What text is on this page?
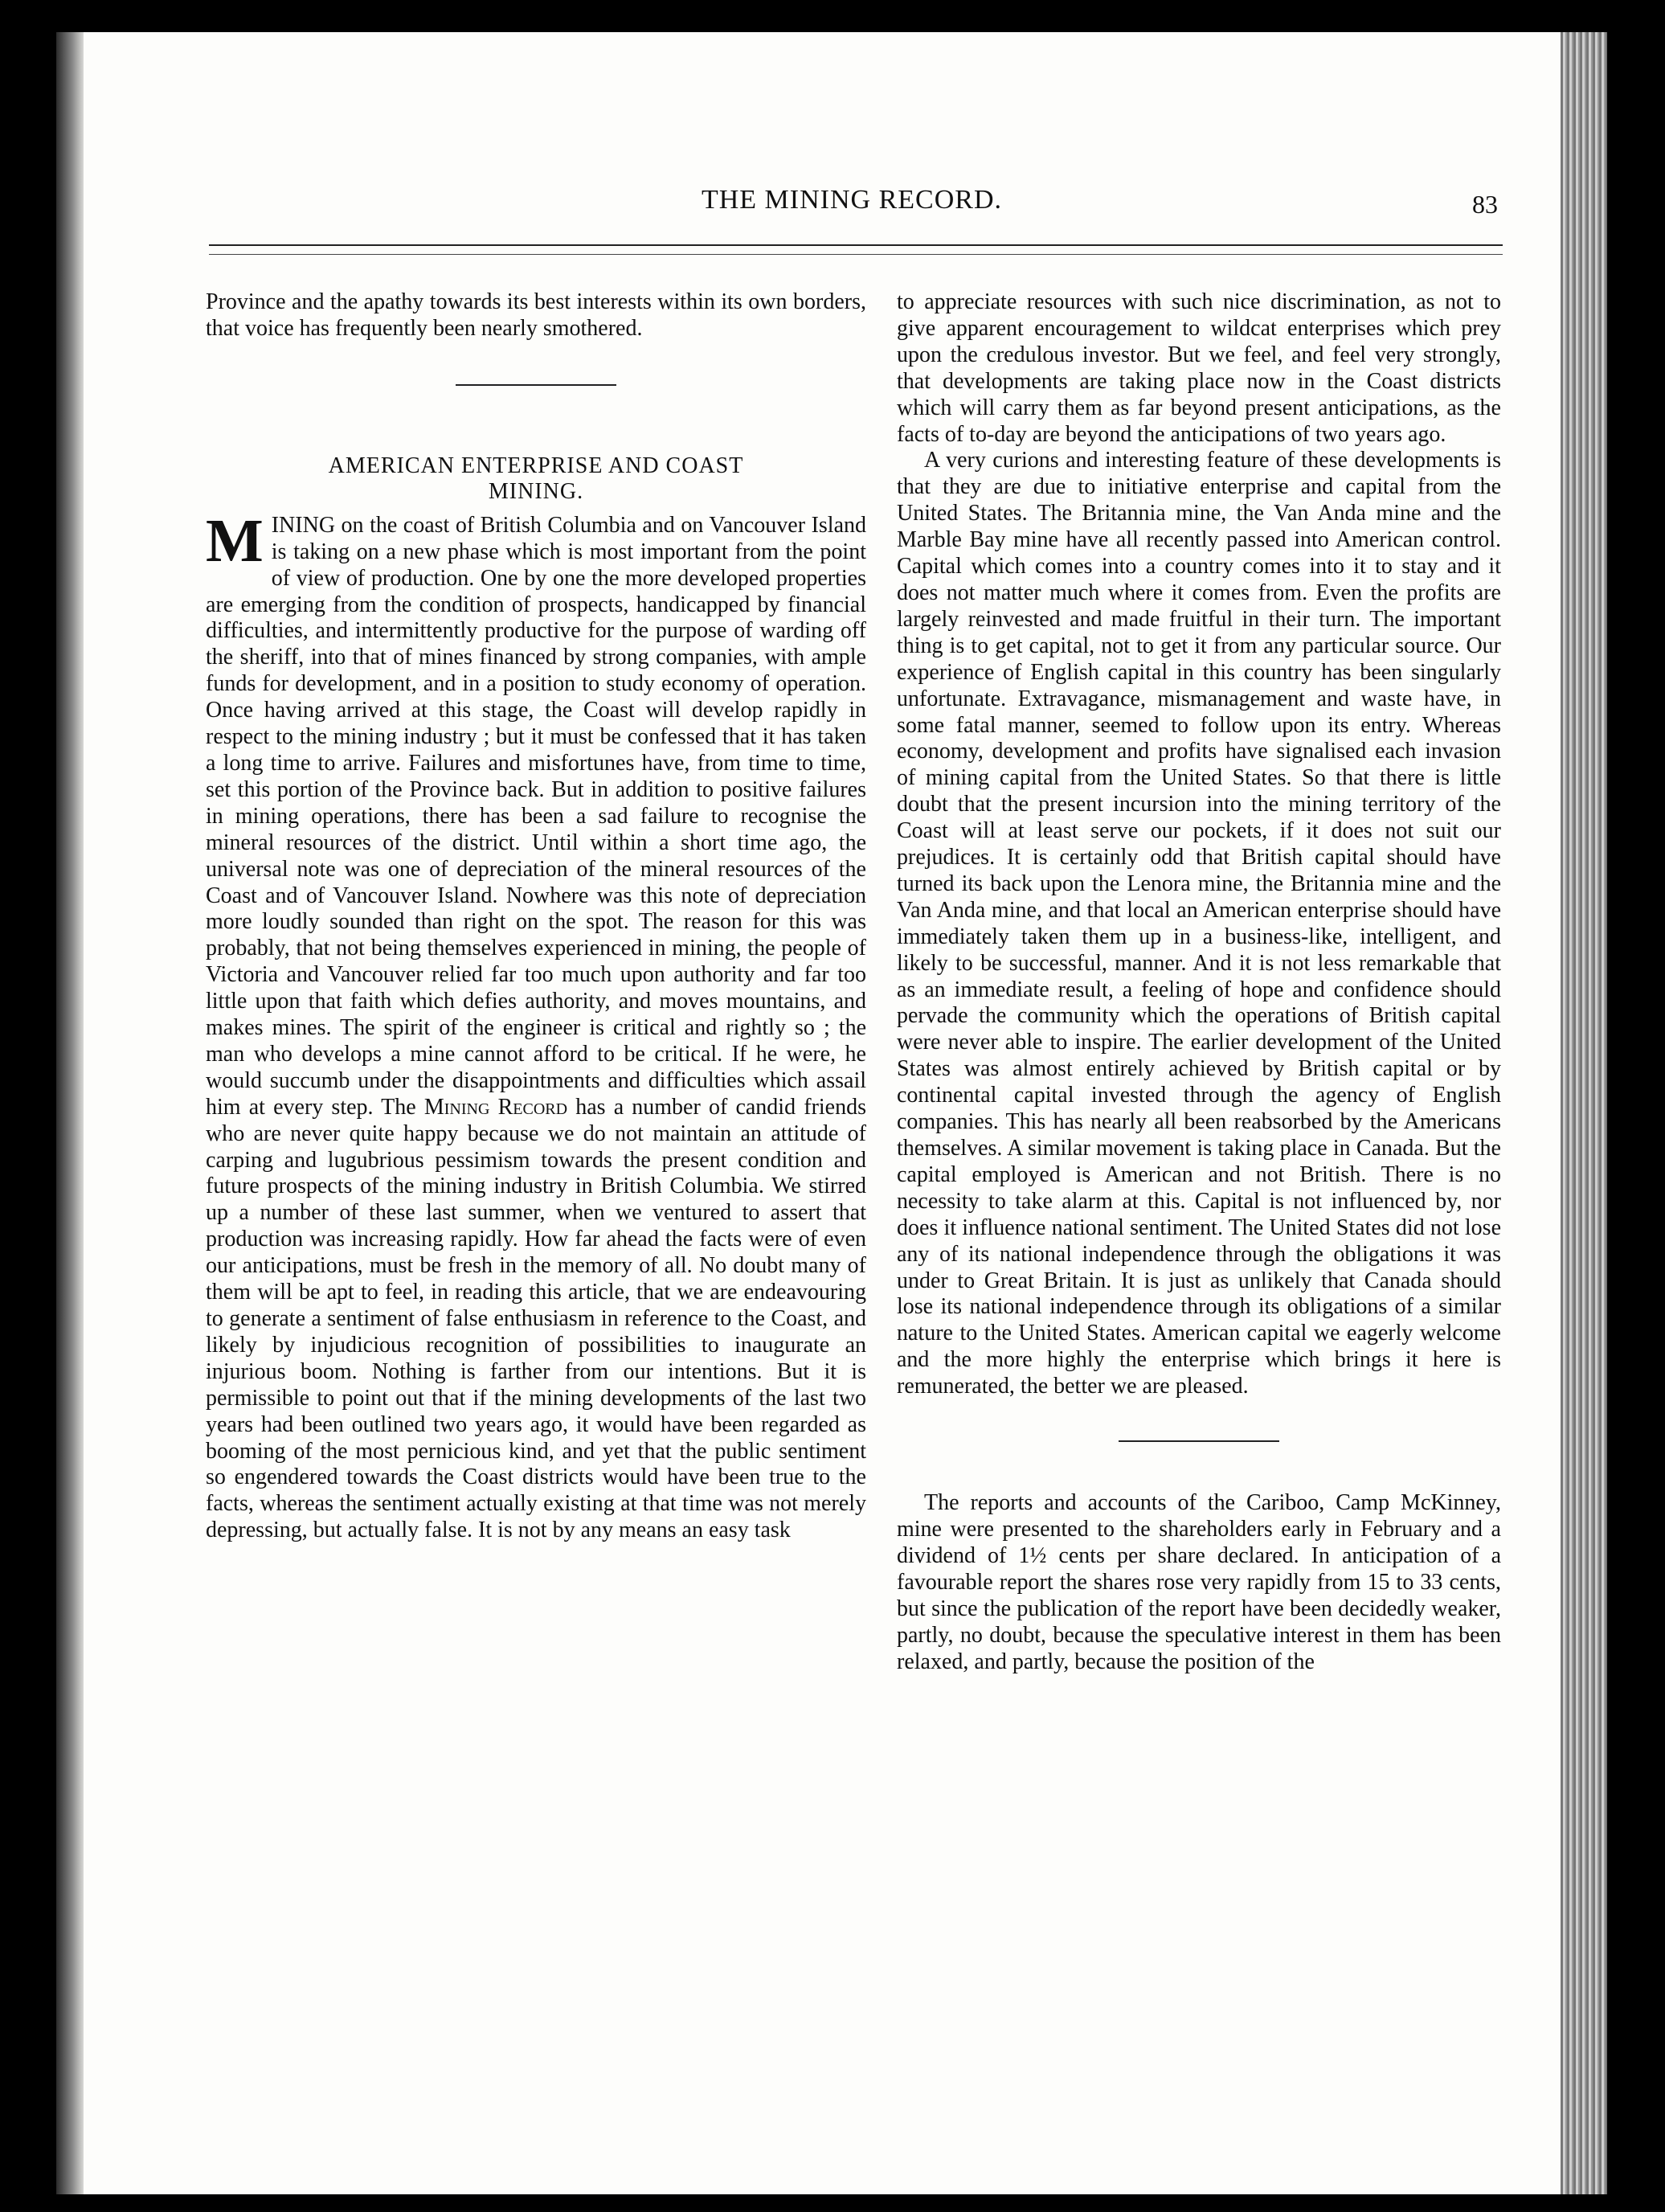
THE MINING RECORD.	83

Province and the apathy towards its best interests within its own borders, that voice has frequently been nearly smothered.

AMERICAN ENTERPRISE AND COAST
MINING.

MINING on the coast of British Columbia and on Vancouver Island is taking on a new phase which is most important from the point of view of production. One by one the more developed properties are emerging from the condition of prospects, handicapped by financial difficulties, and intermittently productive for the purpose of warding off the sheriff, into that of mines financed by strong companies, with ample funds for development, and in a position to study economy of operation. Once having arrived at this stage, the Coast will develop rapidly in respect to the mining industry ; but it must be confessed that it has taken a long time to arrive. Failures and misfortunes have, from time to time, set this portion of the Province back. But in addition to positive failures in mining operations, there has been a sad failure to recognise the mineral resources of the district. Until within a short time ago, the universal note was one of depreciation of the mineral resources of the Coast and of Vancouver Island. Nowhere was this note of depreciation more loudly sounded than right on the spot. The reason for this was probably, that not being themselves experienced in mining, the people of Victoria and Vancouver relied far too much upon authority and far too little upon that faith which defies authority, and moves mountains, and makes mines. The spirit of the engineer is critical and rightly so ; the man who develops a mine cannot afford to be critical. If he were, he would succumb under the disappointments and difficulties which assail him at every step. The Mining Record has a number of candid friends who are never quite happy because we do not maintain an attitude of carping and lugubrious pessimism towards the present condition and future prospects of the mining industry in British Columbia. We stirred up a number of these last summer, when we ventured to assert that production was increasing rapidly. How far ahead the facts were of even our anticipations, must be fresh in the memory of all. No doubt many of them will be apt to feel, in reading this article, that we are endeavouring to generate a sentiment of false enthusiasm in reference to the Coast, and likely by injudicious recognition of possibilities to inaugurate an injurious boom. Nothing is farther from our intentions. But it is permissible to point out that if the mining developments of the last two years had been outlined two years ago, it would have been regarded as booming of the most pernicious kind, and yet that the public sentiment so engendered towards the Coast districts would have been true to the facts, whereas the sentiment actually existing at that time was not merely depressing, but actually false. It is not by any means an easy task

to appreciate resources with such nice discrimination, as not to give apparent encouragement to wildcat enterprises which prey upon the credulous investor. But we feel, and feel very strongly, that developments are taking place now in the Coast districts which will carry them as far beyond present anticipations, as the facts of to-day are beyond the anticipations of two years ago.

A very curions and interesting feature of these developments is that they are due to initiative enterprise and capital from the United States. The Britannia mine, the Van Anda mine and the Marble Bay mine have all recently passed into American control. Capital which comes into a country comes into it to stay and it does not matter much where it comes from. Even the profits are largely reinvested and made fruitful in their turn. The important thing is to get capital, not to get it from any particular source. Our experience of English capital in this country has been singularly unfortunate. Extravagance, mismanagement and waste have, in some fatal manner, seemed to follow upon its entry. Whereas economy, development and profits have signalised each invasion of mining capital from the United States. So that there is little doubt that the present incursion into the mining territory of the Coast will at least serve our pockets, if it does not suit our prejudices. It is certainly odd that British capital should have turned its back upon the Lenora mine, the Britannia mine and the Van Anda mine, and that local an American enterprise should have immediately taken them up in a business-like, intelligent, and likely to be successful, manner. And it is not less remarkable that as an immediate result, a feeling of hope and confidence should pervade the community which the operations of British capital were never able to inspire. The earlier development of the United States was almost entirely achieved by British capital or by continental capital invested through the agency of English companies. This has nearly all been reabsorbed by the Americans themselves. A similar movement is taking place in Canada. But the capital employed is American and not British. There is no necessity to take alarm at this. Capital is not influenced by, nor does it influence national sentiment. The United States did not lose any of its national independence through the obligations it was under to Great Britain. It is just as unlikely that Canada should lose its national independence through its obligations of a similar nature to the United States. American capital we eagerly welcome and the more highly the enterprise which brings it here is remunerated, the better we are pleased.

The reports and accounts of the Cariboo, Camp McKinney, mine were presented to the shareholders early in February and a dividend of 1½ cents per share declared. In anticipation of a favourable report the shares rose very rapidly from 15 to 33 cents, but since the publication of the report have been decidedly weaker, partly, no doubt, because the speculative interest in them has been relaxed, and partly, because the position of the
